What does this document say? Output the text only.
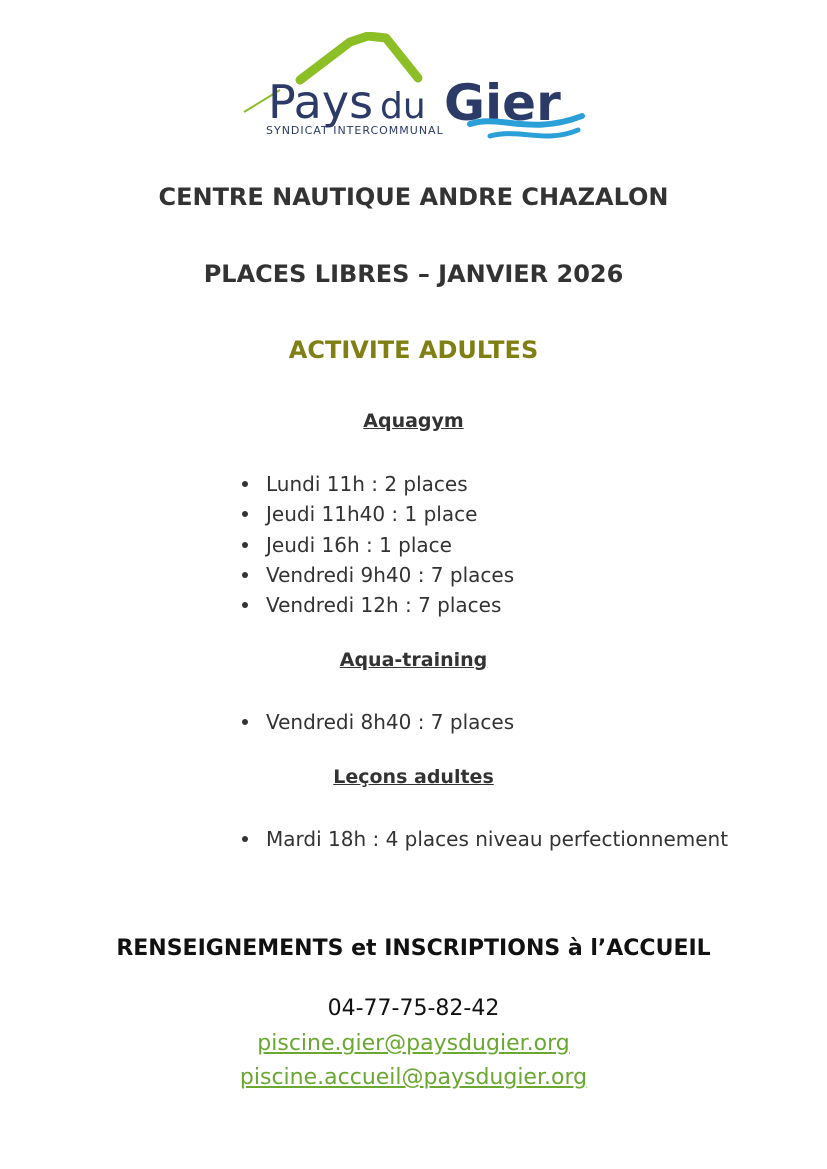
Pays du Gier
SYNDICAT INTERCOMMUNAL
CENTRE NAUTIQUE ANDRE CHAZALON
PLACES LIBRES – JANVIER 2026
ACTIVITE ADULTES
Aquagym
Lundi 11h : 2 places
Jeudi 11h40 : 1 place
Jeudi 16h : 1 place
Vendredi 9h40 : 7 places
Vendredi 12h : 7 places
Aqua-training
Vendredi 8h40 : 7 places
Leçons adultes
Mardi 18h : 4 places niveau perfectionnement
RENSEIGNEMENTS et INSCRIPTIONS à l’ACCUEIL
04-77-75-82-42
piscine.gier@paysdugier.org
piscine.accueil@paysdugier.org
